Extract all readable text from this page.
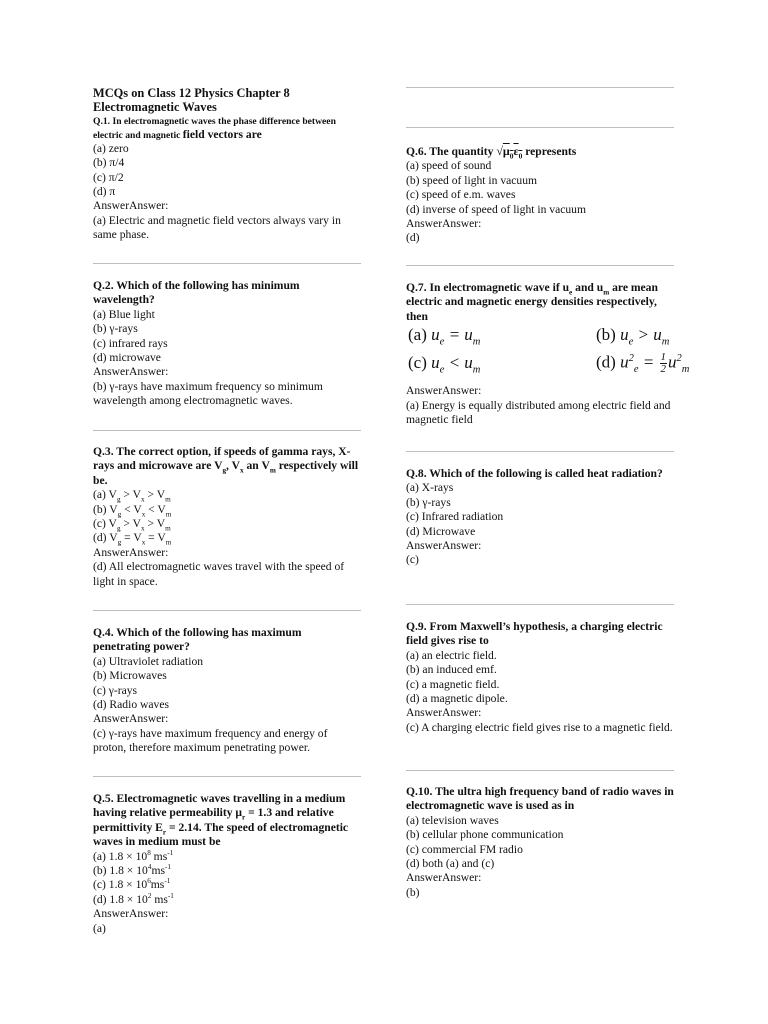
MCQs on Class 12 Physics Chapter 8
Electromagnetic Waves
Q.1. In electromagnetic waves the phase difference between electric and magnetic field vectors are
(a) zero
(b) π/4
(c) π/2
(d) π
AnswerAnswer:
(a) Electric and magnetic field vectors always vary in same phase.
Q.2. Which of the following has minimum wavelength?
(a) Blue light
(b) γ-rays
(c) infrared rays
(d) microwave
AnswerAnswer:
(b) γ-rays have maximum frequency so minimum wavelength among electromagnetic waves.
Q.3. The correct option, if speeds of gamma rays, X-rays and microwave are $V_g$, $V_x$ an $V_m$ respectively will be.
(a) $V_g > V_x > V_m$
(b) $V_g < V_x < V_m$
(c) $V_g > V_x > V_m$
(d) $V_g = V_x = V_m$
AnswerAnswer:
(d) All electromagnetic waves travel with the speed of light in space.
Q.4. Which of the following has maximum penetrating power?
(a) Ultraviolet radiation
(b) Microwaves
(c) γ-rays
(d) Radio waves
AnswerAnswer:
(c) γ-rays have maximum frequency and energy of proton, therefore maximum penetrating power.
Q.5. Electromagnetic waves travelling in a medium having relative permeability $\mu_r = 1.3$ and relative permittivity $E_r = 2.14$. The speed of electromagnetic waves in medium must be
(a) $1.8 \times 10^8$ $ms^{-1}$
(b) $1.8 \times 10^4ms^{-1}$
(c) $1.8 \times 10^6ms^{-1}$
(d) $1.8 \times 10^2$ $ms^{-1}$
AnswerAnswer:
(a)
Q.6. The quantity $√\mu_0\varepsilon_0$ represents
(a) speed of sound
(b) speed of light in vacuum
(c) speed of e.m. waves
(d) inverse of speed of light in vacuum
AnswerAnswer:
(d)
Q.7. In electromagnetic wave if $u_e$ and $u_m$ are mean electric and magnetic energy densities respectively, then
(a) $u_e = u_m$	(b) $u_e > u_m$
(c) $u_e < u_m$	(d) $u^2_e = \frac{1}{2} u^2_m$
AnswerAnswer:
(a) Energy is equally distributed among electric field and magnetic field
Q.8. Which of the following is called heat radiation?
(a) X-rays
(b) γ-rays
(c) Infrared radiation
(d) Microwave
AnswerAnswer:
(c)
Q.9. From Maxwell’s hypothesis, a charging electric field gives rise to
(a) an electric field.
(b) an induced emf.
(c) a magnetic field.
(d) a magnetic dipole.
AnswerAnswer:
(c) A charging electric field gives rise to a magnetic field.
Q.10. The ultra high frequency band of radio waves in electromagnetic wave is used as in
(a) television waves
(b) cellular phone communication
(c) commercial FM radio
(d) both (a) and (c)
AnswerAnswer:
(b)
